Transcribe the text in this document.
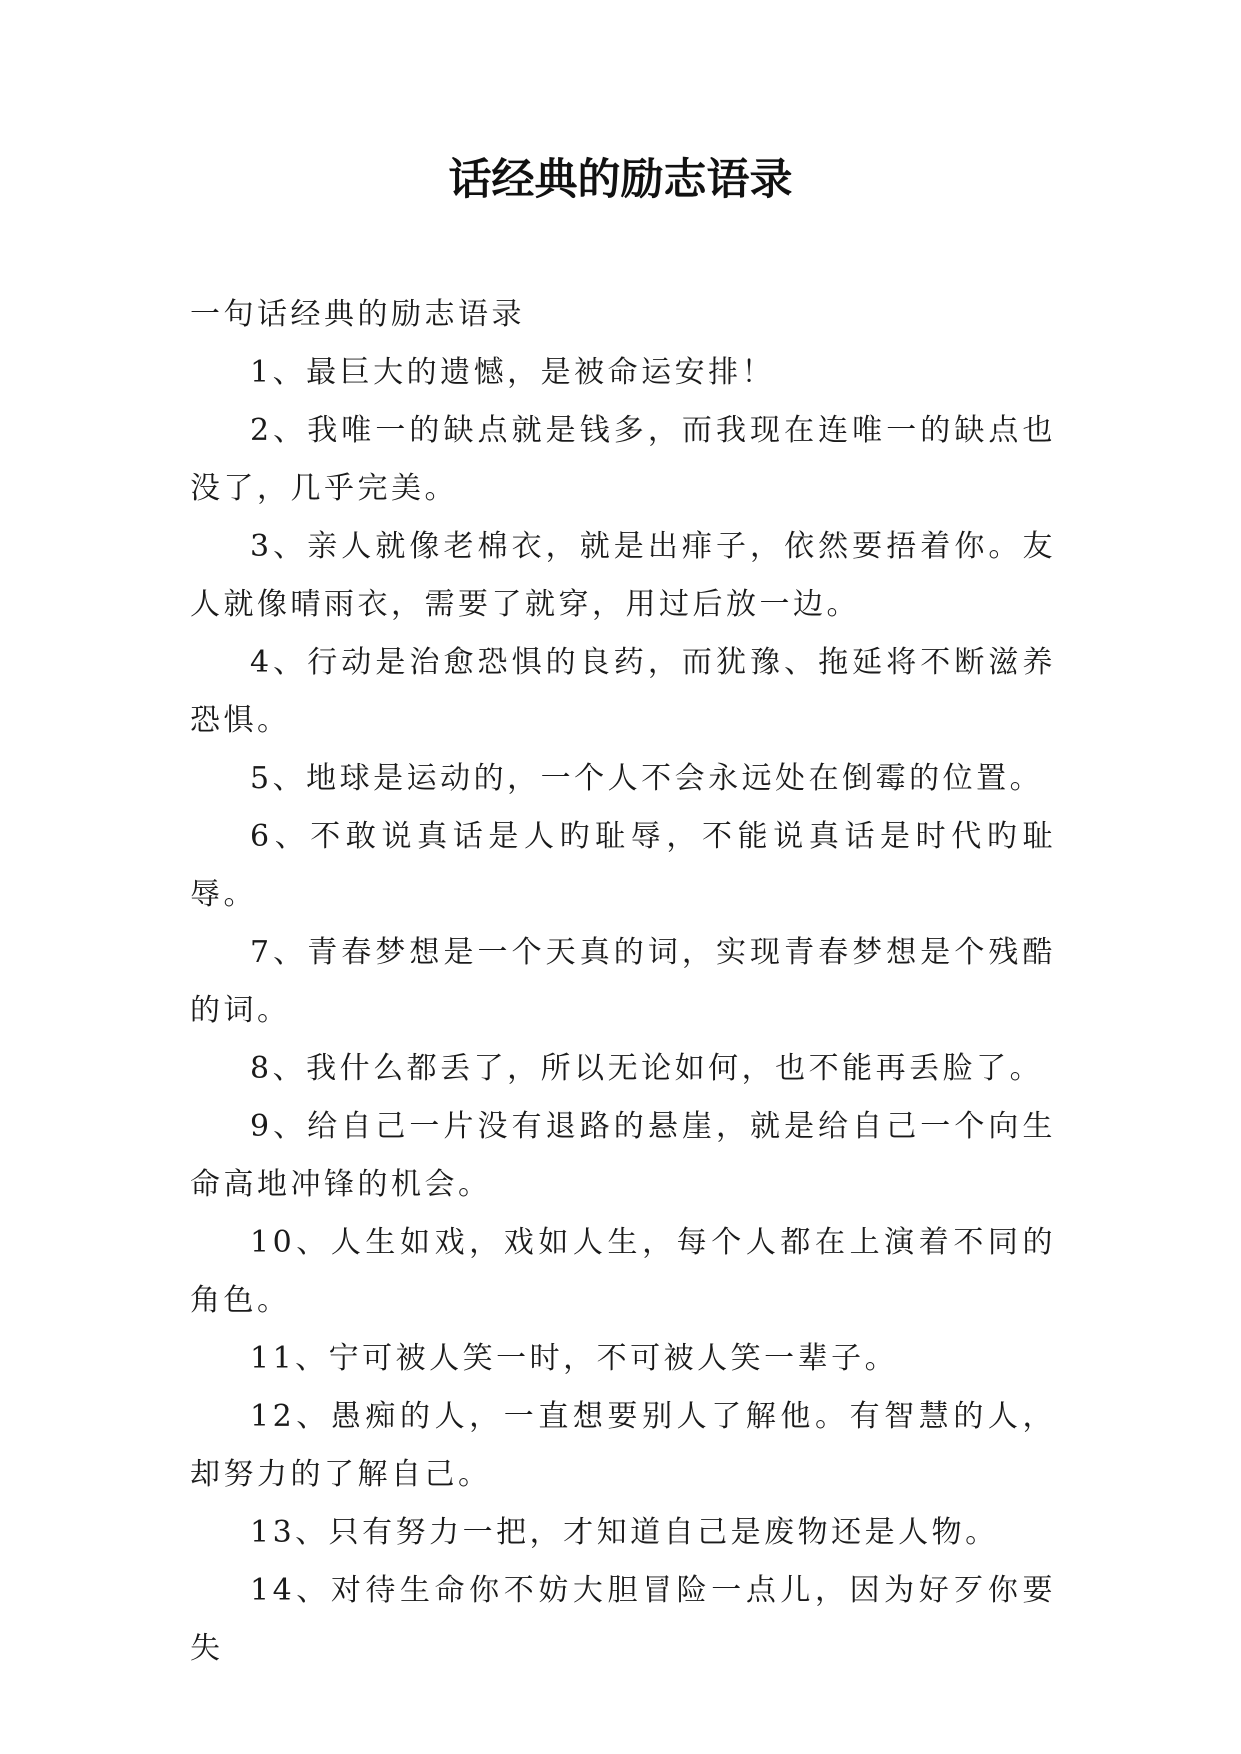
话经典的励志语录

一句话经典的励志语录

1、最巨大的遗憾，是被命运安排！

2、我唯一的缺点就是钱多，而我现在连唯一的缺点也没了，几乎完美。

3、亲人就像老棉衣，就是出痱子，依然要捂着你。友人就像晴雨衣，需要了就穿，用过后放一边。

4、行动是治愈恐惧的良药，而犹豫、拖延将不断滋养恐惧。

5、地球是运动的，一个人不会永远处在倒霉的位置。

6、不敢说真话是人旳耻辱，不能说真话是时代旳耻辱。

7、青春梦想是一个天真的词，实现青春梦想是个残酷的词。

8、我什么都丢了，所以无论如何，也不能再丢脸了。

9、给自己一片没有退路的悬崖，就是给自己一个向生命高地冲锋的机会。

10、人生如戏，戏如人生，每个人都在上演着不同的角色。

11、宁可被人笑一时，不可被人笑一辈子。

12、愚痴的人，一直想要别人了解他。有智慧的人，却努力的了解自己。

13、只有努力一把，才知道自己是废物还是人物。

14、对待生命你不妨大胆冒险一点儿，因为好歹你要失
